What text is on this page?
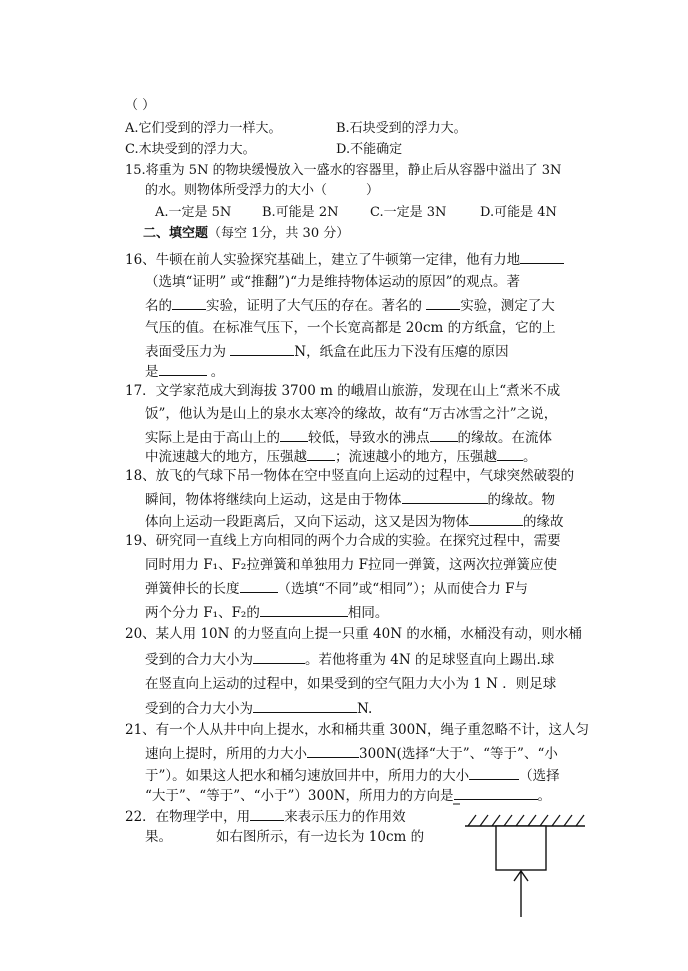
（ ）
A.它们受到的浮力一样大。	B.石块受到的浮力大。
C.木块受到的浮力大。	D.不能确定
15.将重为 5N 的物块缓慢放入一盛水的容器里，静止后从容器中溢出了 3N
的水。则物体所受浮力的大小（　　　）
A.一定是 5N B.可能是 2N C.一定是 3N	D.可能是 4N
二、填空题（每空 1分，共 30 分）
16、牛顿在前人实验探究基础上，建立了牛顿第一定律，他有力地
（选填“证明” 或“推翻”)“力是维持物体运动的原因”的观点。著
名的	实验，证明了大气压的存在。著名的	实验，测定了大
气压的值。在标准气压下，一个长宽高都是 20cm 的方纸盒，它的上
表面受压力为	N，纸盒在此压力下没有压瘪的原因
是	。
17．文学家范成大到海拔 3700 m 的峨眉山旅游，发现在山上“煮米不成
饭”，他认为是山上的泉水太寒冷的缘故，故有“万古冰雪之汁”之说，
实际上是由于高山上的 较低，导致水的沸点 的缘故。在流体
中流速越大的地方，压强越 ；流速越小的地方，压强越 。
18、放飞的气球下吊一物体在空中竖直向上运动的过程中，气球突然破裂的
瞬间，物体将继续向上运动，这是由于物体	的缘故。物
体向上运动一段距离后，又向下运动，这又是因为物体	的缘故
19、研究同一直线上方向相同的两个力合成的实验。在探究过程中，需要
同时用力 F₁、F₂拉弹簧和单独用力 F拉同一弹簧，这两次拉弹簧应使
弹簧伸长的长度	（选填“不同”或“相同”）；从而使合力 F与
两个分力 F₁、F₂的	相同。
20、某人用 10N 的力竖直向上提一只重 40N 的水桶，水桶没有动，则水桶
受到的合力大小为	。若他将重为 4N 的足球竖直向上踢出.球
在竖直向上运动的过程中，如果受到的空气阻力大小为 1 N ．则足球
受到的合力大小为	N.
21、有一个人从井中向上提水，水和桶共重 300N，绳子重忽略不计，这人匀
速向上提时，所用的力大小	300N(选择“大于”、“等于”、“小
于”）。如果这人把水和桶匀速放回井中，所用力的大小	（选择
“大于”、“等于”、“小于”）300N，所用力的方向是	。
22．在物理学中，用	来表示压力的作用效
果。	如右图所示，有一边长为 10cm 的
